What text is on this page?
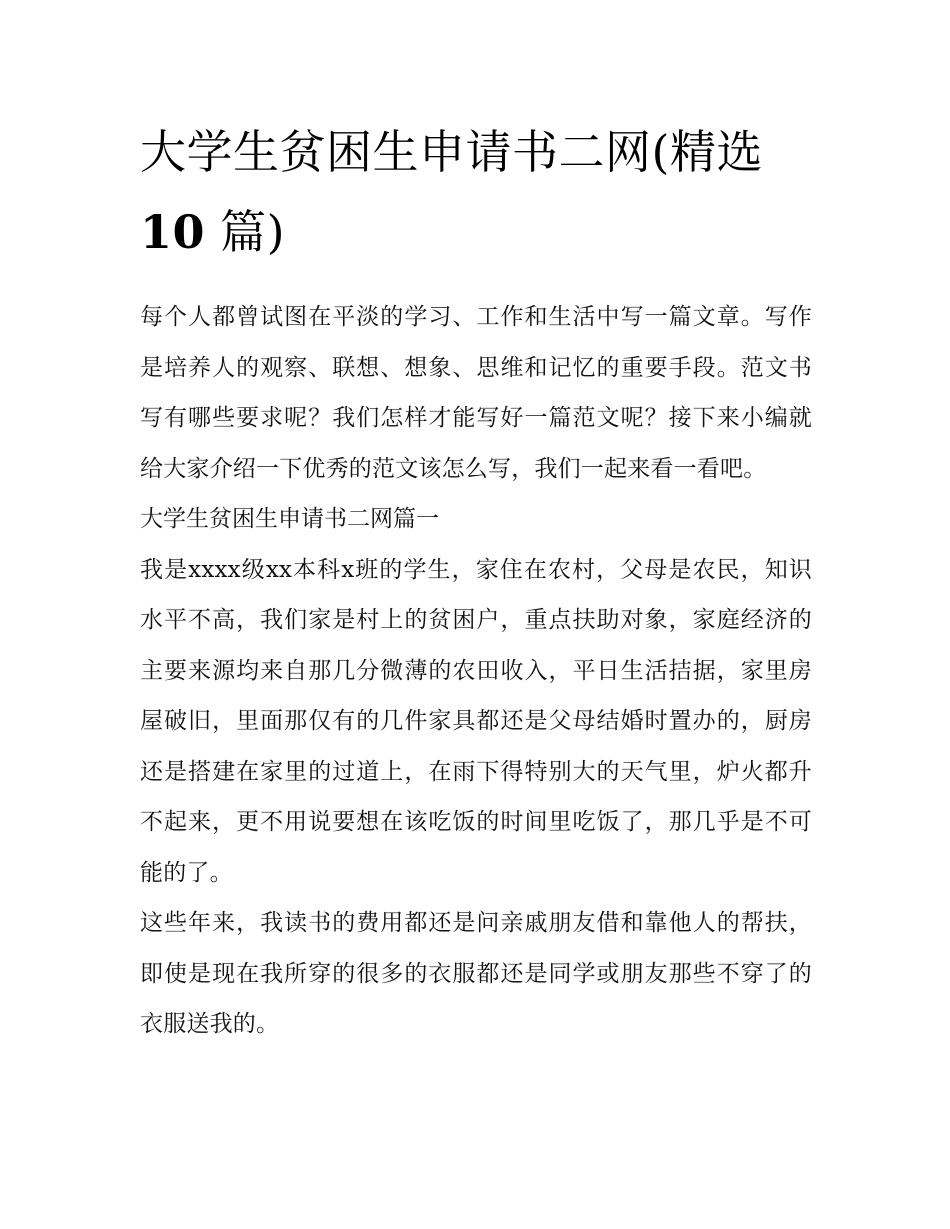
大学生贫困生申请书二网(精选
10 篇)

每个人都曾试图在平淡的学习、工作和生活中写一篇文章。写作是培养人的观察、联想、想象、思维和记忆的重要手段。范文书写有哪些要求呢？我们怎样才能写好一篇范文呢？接下来小编就给大家介绍一下优秀的范文该怎么写，我们一起来看一看吧。

大学生贫困生申请书二网篇一

我是xxxx级xx本科x班的学生，家住在农村，父母是农民，知识水平不高，我们家是村上的贫困户，重点扶助对象，家庭经济的主要来源均来自那几分微薄的农田收入，平日生活拮据，家里房屋破旧，里面那仅有的几件家具都还是父母结婚时置办的，厨房还是搭建在家里的过道上，在雨下得特别大的天气里，炉火都升不起来，更不用说要想在该吃饭的时间里吃饭了，那几乎是不可能的了。

这些年来，我读书的费用都还是问亲戚朋友借和靠他人的帮扶，即使是现在我所穿的很多的衣服都还是同学或朋友那些不穿了的衣服送我的。
